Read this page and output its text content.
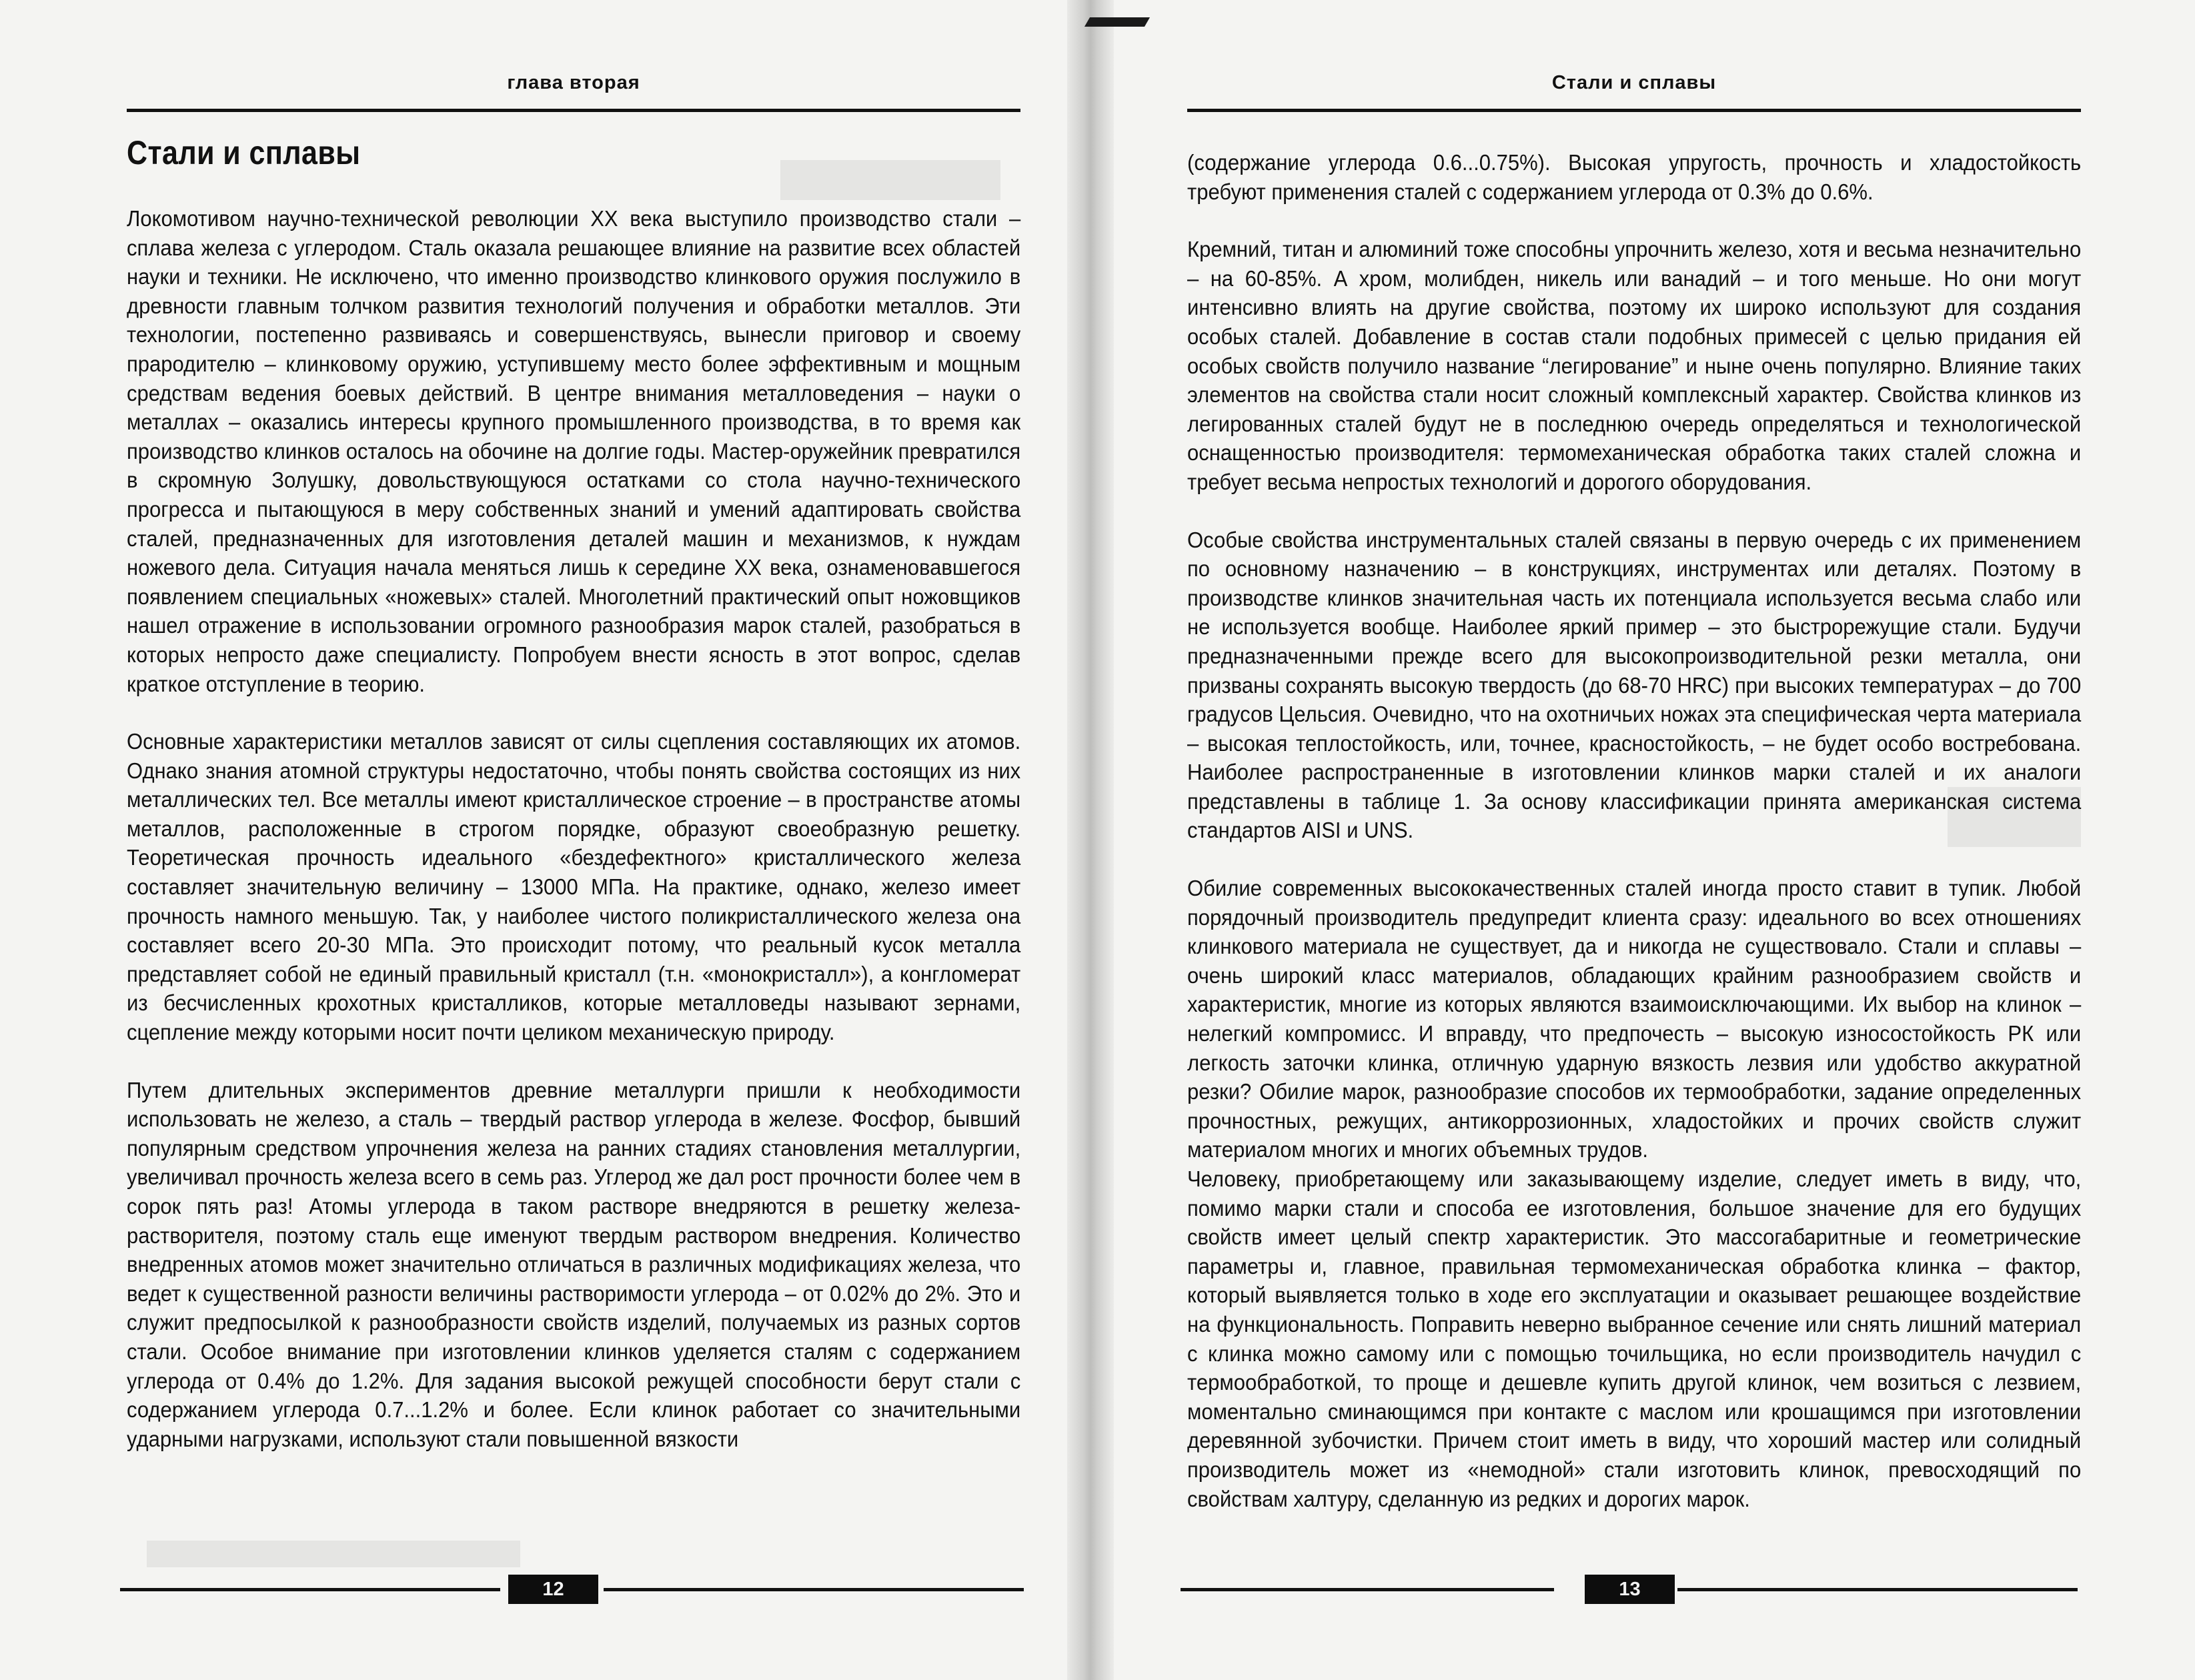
глава вторая
Стали и сплавы

Локомотивом научно-технической революции XX века выступило производство стали – сплава железа с углеродом. Сталь оказала решающее влияние на развитие всех областей науки и техники. Не исключено, что именно производство клинкового оружия послужило в древности главным толчком развития технологий получения и обработки металлов. Эти технологии, постепенно развиваясь и совершенствуясь, вынесли приговор и своему прародителю – клинковому оружию, уступившему место более эффективным и мощным средствам ведения боевых действий. В центре внимания металловедения – науки о металлах – оказались интересы крупного промышленного производства, в то время как производство клинков осталось на обочине на долгие годы. Мастер-оружейник превратился в скромную Золушку, довольствующуюся остатками со стола научно-технического прогресса и пытающуюся в меру собственных знаний и умений адаптировать свойства сталей, предназначенных для изготовления деталей машин и механизмов, к нуждам ножевого дела. Ситуация начала меняться лишь к середине XX века, ознаменовавшегося появлением специальных «ножевых» сталей. Многолетний практический опыт ножовщиков нашел отражение в использовании огромного разнообразия марок сталей, разобраться в которых непросто даже специалисту. Попробуем внести ясность в этот вопрос, сделав краткое отступление в теорию.

Основные характеристики металлов зависят от силы сцепления составляющих их атомов. Однако знания атомной структуры недостаточно, чтобы понять свойства состоящих из них металлических тел. Все металлы имеют кристаллическое строение – в пространстве атомы металлов, расположенные в строгом порядке, образуют своеобразную решетку. Теоретическая прочность идеального «бездефектного» кристаллического железа составляет значительную величину – 13000 МПа. На практике, однако, железо имеет прочность намного меньшую. Так, у наиболее чистого поликристаллического железа она составляет всего 20-30 МПа. Это происходит потому, что реальный кусок металла представляет собой не единый правильный кристалл (т.н. «монокристалл»), а конгломерат из бесчисленных крохотных кристалликов, которые металловеды называют зернами, сцепление между которыми носит почти целиком механическую природу.

Путем длительных экспериментов древние металлурги пришли к необходимости использовать не железо, а сталь – твердый раствор углерода в железе. Фосфор, бывший популярным средством упрочнения железа на ранних стадиях становления металлургии, увеличивал прочность железа всего в семь раз. Углерод же дал рост прочности более чем в сорок пять раз! Атомы углерода в таком растворе внедряются в решетку железа-растворителя, поэтому сталь еще именуют твердым раствором внедрения. Количество внедренных атомов может значительно отличаться в различных модификациях железа, что ведет к существенной разности величины растворимости углерода – от 0.02% до 2%. Это и служит предпосылкой к разнообразности свойств изделий, получаемых из разных сортов стали. Особое внимание при изготовлении клинков уделяется сталям с содержанием углерода от 0.4% до 1.2%. Для задания высокой режущей способности берут стали с содержанием углерода 0.7...1.2% и более. Если клинок работает со значительными ударными нагрузками, используют стали повышенной вязкости

12
Стали и сплавы

(содержание углерода 0.6...0.75%). Высокая упругость, прочность и хладостойкость требуют применения сталей с содержанием углерода от 0.3% до 0.6%.

Кремний, титан и алюминий тоже способны упрочнить железо, хотя и весьма незначительно – на 60-85%. А хром, молибден, никель или ванадий – и того меньше. Но они могут интенсивно влиять на другие свойства, поэтому их широко используют для создания особых сталей. Добавление в состав стали подобных примесей с целью придания ей особых свойств получило название “легирование” и ныне очень популярно. Влияние таких элементов на свойства стали носит сложный комплексный характер. Свойства клинков из легированных сталей будут не в последнюю очередь определяться и технологической оснащенностью производителя: термомеханическая обработка таких сталей сложна и требует весьма непростых технологий и дорогого оборудования.

Особые свойства инструментальных сталей связаны в первую очередь с их применением по основному назначению – в конструкциях, инструментах или деталях. Поэтому в производстве клинков значительная часть их потенциала используется весьма слабо или не используется вообще. Наиболее яркий пример – это быстрорежущие стали. Будучи предназначенными прежде всего для высокопроизводительной резки металла, они призваны сохранять высокую твердость (до 68-70 HRC) при высоких температурах – до 700 градусов Цельсия. Очевидно, что на охотничьих ножах эта специфическая черта материала – высокая теплостойкость, или, точнее, красностойкость, – не будет особо востребована. Наиболее распространенные в изготовлении клинков марки сталей и их аналоги представлены в таблице 1. За основу классификации принята американская система стандартов AISI и UNS.

Обилие современных высококачественных сталей иногда просто ставит в тупик. Любой порядочный производитель предупредит клиента сразу: идеального во всех отношениях клинкового материала не существует, да и никогда не существовало. Стали и сплавы – очень широкий класс материалов, обладающих крайним разнообразием свойств и характеристик, многие из которых являются взаимоисключающими. Их выбор на клинок – нелегкий компромисс. И вправду, что предпочесть – высокую износостойкость РК или легкость заточки клинка, отличную ударную вязкость лезвия или удобство аккуратной резки? Обилие марок, разнообразие способов их термообработки, задание определенных прочностных, режущих, антикоррозионных, хладостойких и прочих свойств служит материалом многих и многих объемных трудов.

Человеку, приобретающему или заказывающему изделие, следует иметь в виду, что, помимо марки стали и способа ее изготовления, большое значение для его будущих свойств имеет целый спектр характеристик. Это массогабаритные и геометрические параметры и, главное, правильная термомеханическая обработка клинка – фактор, который выявляется только в ходе его эксплуатации и оказывает решающее воздействие на функциональность. Поправить неверно выбранное сечение или снять лишний материал с клинка можно самому или с помощью точильщика, но если производитель начудил с термообработкой, то проще и дешевле купить другой клинок, чем возиться с лезвием, моментально сминающимся при контакте с маслом или крошащимся при изготовлении деревянной зубочистки. Причем стоит иметь в виду, что хороший мастер или солидный производитель может из «немодной» стали изготовить клинок, превосходящий по свойствам халтуру, сделанную из редких и дорогих марок.

13
